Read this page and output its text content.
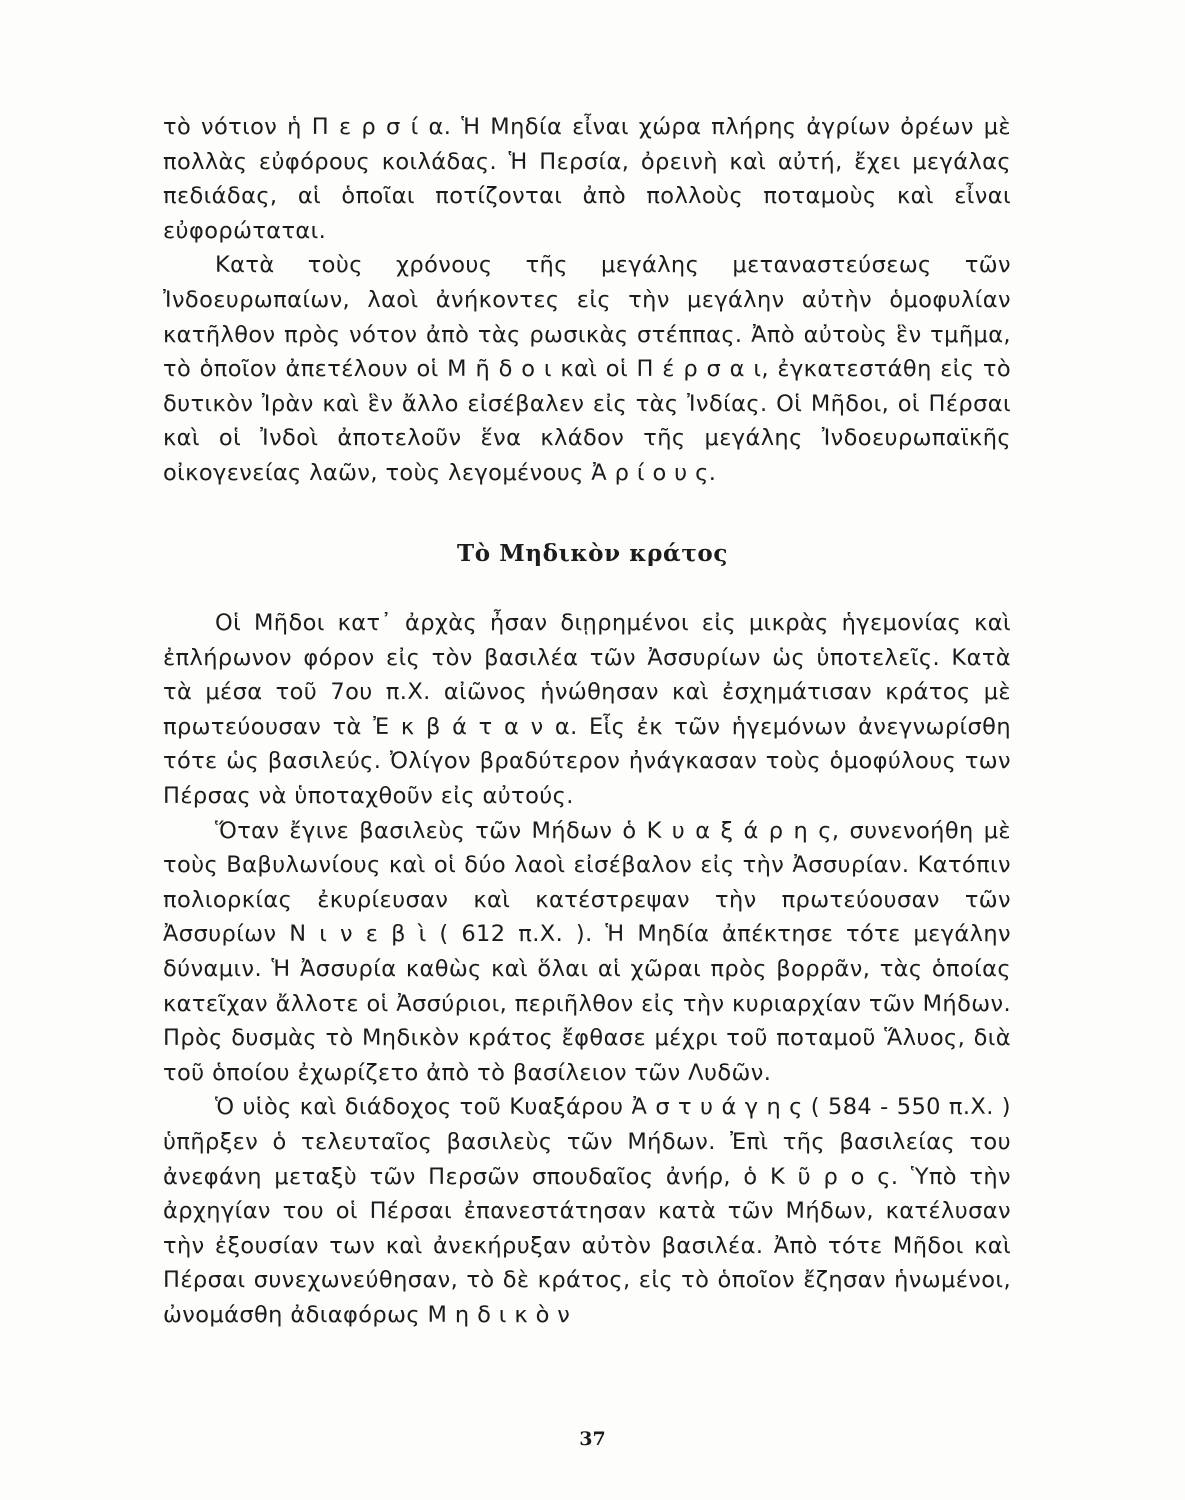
τὸ νότιον ἡ Π ε ρ σ ί α. Ἡ Μηδία εἶναι χώρα πλήρης ἀγρίων ὀρέων μὲ πολλὰς εὐφόρους κοιλάδας. Ἡ Περσία, ὀρεινὴ καὶ αὐτή, ἔχει μεγάλας πεδιάδας, αἱ ὁποῖαι ποτίζονται ἀπὸ πολλοὺς ποταμοὺς καὶ εἶναι εὐφορώταται.

Κατὰ τοὺς χρόνους τῆς μεγάλης μεταναστεύσεως τῶν Ἰνδοευρωπαίων, λαοὶ ἀνήκοντες εἰς τὴν μεγάλην αὐτὴν ὁμοφυλίαν κατῆλθον πρὸς νότον ἀπὸ τὰς ρωσικὰς στέππας. Ἀπὸ αὐτοὺς ἓν τμῆμα, τὸ ὁποῖον ἀπετέλουν οἱ Μ ῆ δ ο ι καὶ οἱ Π έ ρ σ α ι, ἐγκατεστάθη εἰς τὸ δυτικὸν Ἰρὰν καὶ ἓν ἄλλο εἰσέβαλεν εἰς τὰς Ἰνδίας. Οἱ Μῆδοι, οἱ Πέρσαι καὶ οἱ Ἰνδοὶ ἀποτελοῦν ἕνα κλάδον τῆς μεγάλης Ἰνδοευρωπαϊκῆς οἰκογενείας λαῶν, τοὺς λεγομένους Ἀ ρ ί ο υ ς.

Τὸ Μηδικὸν κράτος

Οἱ Μῆδοι κατ᾽ ἀρχὰς ἦσαν διῃρημένοι εἰς μικρὰς ἡγεμονίας καὶ ἐπλήρωνον φόρον εἰς τὸν βασιλέα τῶν Ἀσσυρίων ὡς ὑποτελεῖς. Κατὰ τὰ μέσα τοῦ 7ου π.Χ. αἰῶνος ἡνώθησαν καὶ ἐσχημάτισαν κράτος μὲ πρωτεύουσαν τὰ Ἐ κ β ά τ α ν α. Εἷς ἐκ τῶν ἡγεμόνων ἀνεγνωρίσθη τότε ὡς βασιλεύς. Ὀλίγον βραδύτερον ἠνάγκασαν τοὺς ὁμοφύλους των Πέρσας νὰ ὑποταχθοῦν εἰς αὐτούς.

Ὅταν ἔγινε βασιλεὺς τῶν Μήδων ὁ Κ υ α ξ ά ρ η ς, συνενοήθη μὲ τοὺς Βαβυλωνίους καὶ οἱ δύο λαοὶ εἰσέβαλον εἰς τὴν Ἀσσυρίαν. Κατόπιν πολιορκίας ἐκυρίευσαν καὶ κατέστρεψαν τὴν πρωτεύουσαν τῶν Ἀσσυρίων Ν ι ν ε β ὶ ( 612 π.Χ. ). Ἡ Μηδία ἀπέκτησε τότε μεγάλην δύναμιν. Ἡ Ἀσσυρία καθὼς καὶ ὅλαι αἱ χῶραι πρὸς βορρᾶν, τὰς ὁποίας κατεῖχαν ἄλλοτε οἱ Ἀσσύριοι, περιῆλθον εἰς τὴν κυριαρχίαν τῶν Μήδων. Πρὸς δυσμὰς τὸ Μηδικὸν κράτος ἔφθασε μέχρι τοῦ ποταμοῦ Ἅλυος, διὰ τοῦ ὁποίου ἐχωρίζετο ἀπὸ τὸ βασίλειον τῶν Λυδῶν.

Ὁ υἱὸς καὶ διάδοχος τοῦ Κυαξάρου Ἀ σ τ υ ά γ η ς ( 584 - 550 π.Χ. ) ὑπῆρξεν ὁ τελευταῖος βασιλεὺς τῶν Μήδων. Ἐπὶ τῆς βασιλείας του ἀνεφάνη μεταξὺ τῶν Περσῶν σπουδαῖος ἀνήρ, ὁ Κ ῦ ρ ο ς. Ὑπὸ τὴν ἀρχηγίαν του οἱ Πέρσαι ἐπανεστάτησαν κατὰ τῶν Μήδων, κατέλυσαν τὴν ἐξουσίαν των καὶ ἀνεκήρυξαν αὐτὸν βασιλέα. Ἀπὸ τότε Μῆδοι καὶ Πέρσαι συνεχωνεύθησαν, τὸ δὲ κράτος, εἰς τὸ ὁποῖον ἔζησαν ἡνωμένοι, ὠνομάσθη ἀδιαφόρως Μ η δ ι κ ὸ ν

37
